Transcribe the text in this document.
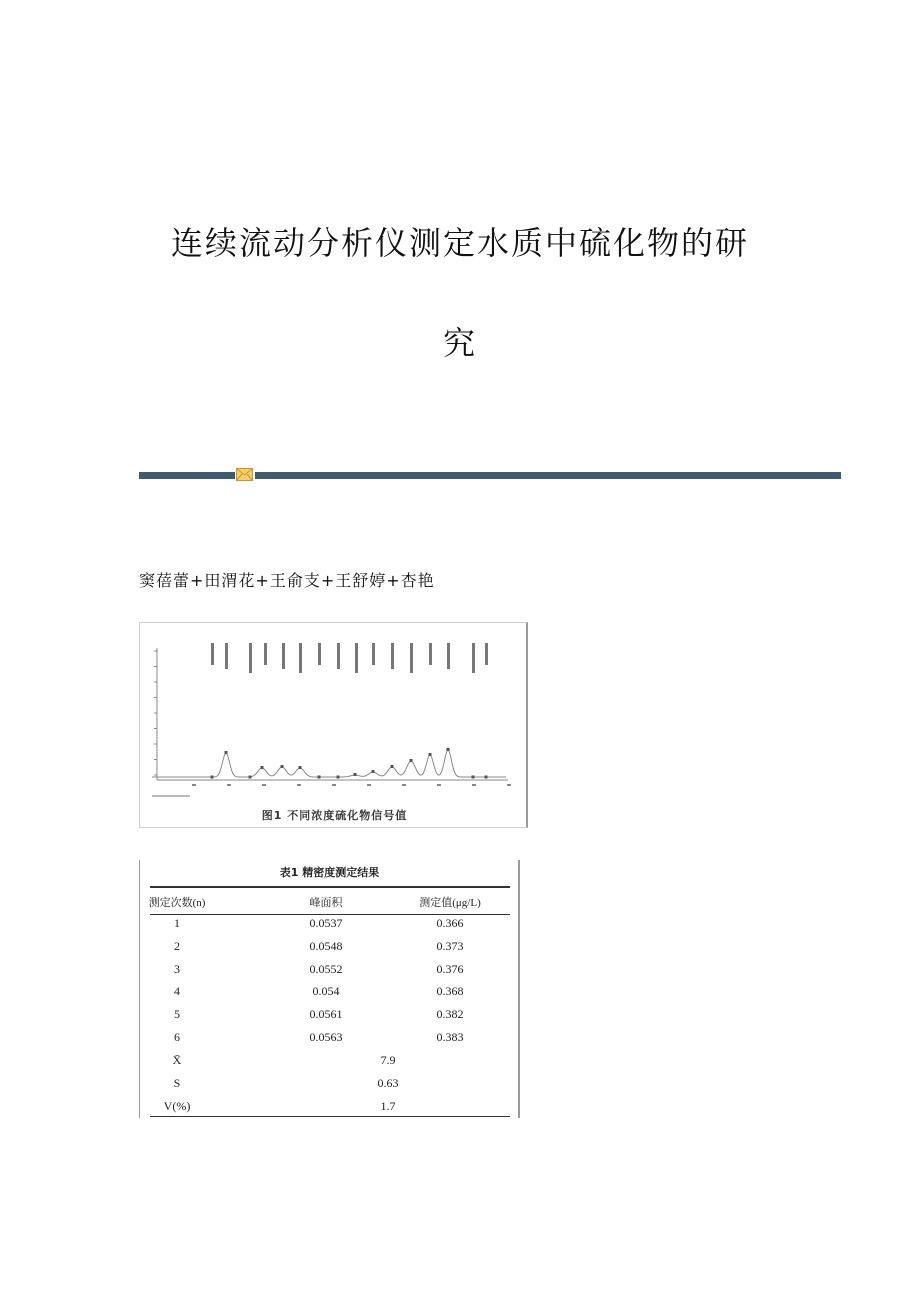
连续流动分析仪测定水质中硫化物的研
究
窦蓓蕾+田渭花+王俞支+王舒婷+杏艳
图1 不同浓度硫化物信号值
表1 精密度测定结果
测定次数(n)	峰面积	测定值(μg/L)
1	0.0537	0.366
2	0.0548	0.373
3	0.0552	0.376
4	0.054	0.368
5	0.0561	0.382
6	0.0563	0.383
X̄	7.9
S	0.63
V(%)	1.7
